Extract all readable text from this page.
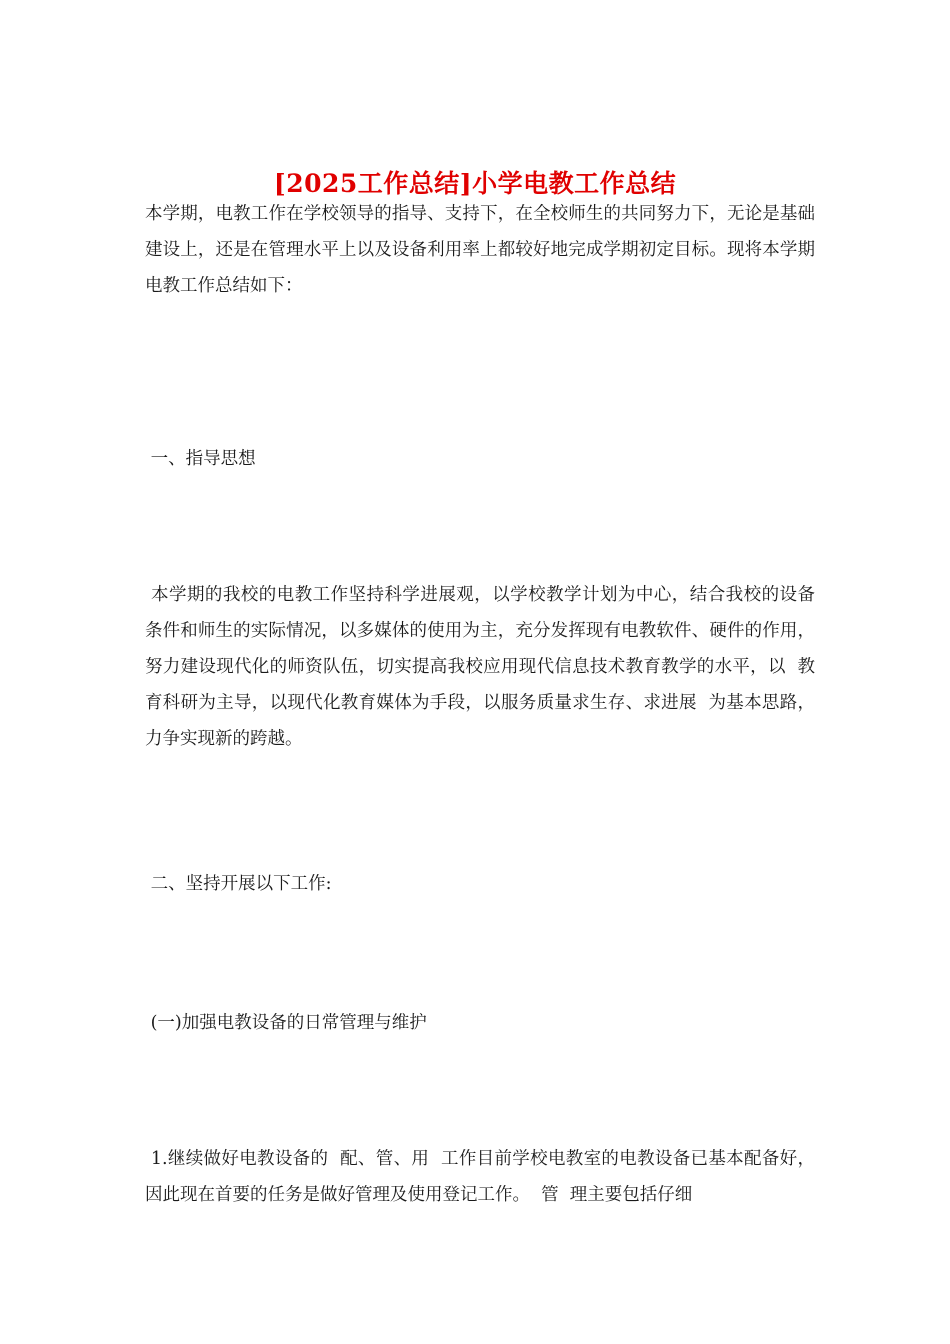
[2025工作总结]小学电教工作总结

本学期，电教工作在学校领导的指导、支持下，在全校师生的共同努力下，无论是基础建设上，还是在管理水平上以及设备利用率上都较好地完成学期初定目标。现将本学期电教工作总结如下：

一、指导思想

本学期的我校的电教工作坚持科学进展观，以学校教学计划为中心，结合我校的设备条件和师生的实际情况，以多媒体的使用为主，充分发挥现有电教软件、硬件的作用，努力建设现代化的师资队伍，切实提高我校应用现代信息技术教育教学的水平，以  教育科研为主导，以现代化教育媒体为手段，以服务质量求生存、求进展  为基本思路，力争实现新的跨越。

二、坚持开展以下工作:

(一)加强电教设备的日常管理与维护

1.继续做好电教设备的  配、管、用  工作目前学校电教室的电教设备已基本配备好，因此现在首要的任务是做好管理及使用登记工作。  管  理主要包括仔细
